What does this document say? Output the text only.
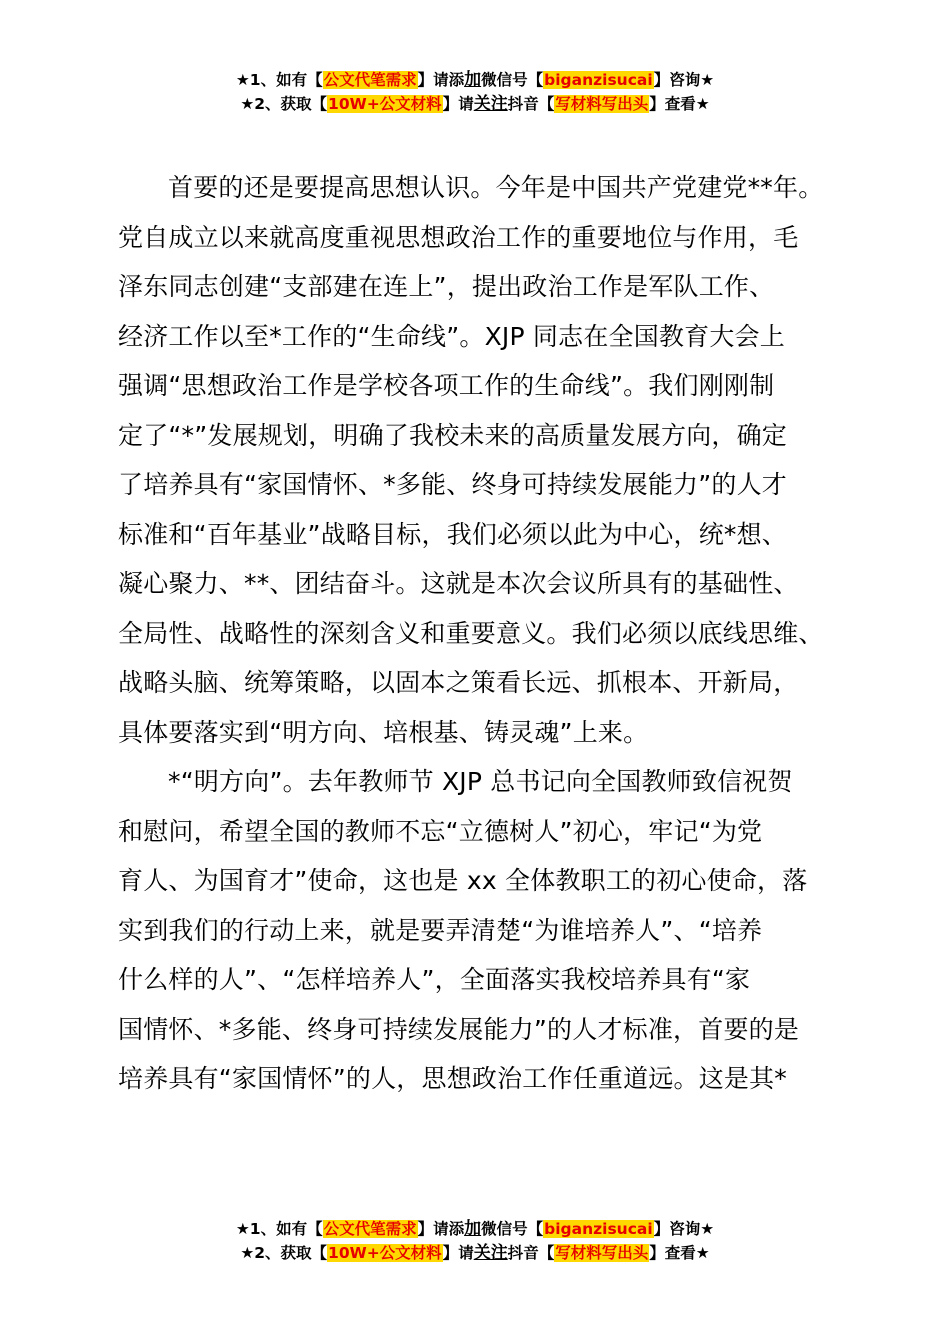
★1、如有【公文代笔需求】请添加微信号【biganzisucai】咨询★
★2、获取【10W+公文材料】请关注抖音【写材料写出头】查看★

首要的还是要提高思想认识。今年是中国共产党建党**年。
党自成立以来就高度重视思想政治工作的重要地位与作用，毛
泽东同志创建“支部建在连上”，提出政治工作是军队工作、
经济工作以至*工作的“生命线”。XJP 同志在全国教育大会上
强调“思想政治工作是学校各项工作的生命线”。我们刚刚制
定了“*”发展规划，明确了我校未来的高质量发展方向，确定
了培养具有“家国情怀、*多能、终身可持续发展能力”的人才
标准和“百年基业”战略目标，我们必须以此为中心，统*想、
凝心聚力、**、团结奋斗。这就是本次会议所具有的基础性、
全局性、战略性的深刻含义和重要意义。我们必须以底线思维、
战略头脑、统筹策略，以固本之策看长远、抓根本、开新局，
具体要落实到“明方向、培根基、铸灵魂”上来。

*“明方向”。去年教师节 XJP 总书记向全国教师致信祝贺
和慰问，希望全国的教师不忘“立德树人”初心，牢记“为党
育人、为国育才”使命，这也是 xx 全体教职工的初心使命，落
实到我们的行动上来，就是要弄清楚“为谁培养人”、“培养
什么样的人”、“怎样培养人”，全面落实我校培养具有“家
国情怀、*多能、终身可持续发展能力”的人才标准，首要的是
培养具有“家国情怀”的人，思想政治工作任重道远。这是其*

★1、如有【公文代笔需求】请添加微信号【biganzisucai】咨询★
★2、获取【10W+公文材料】请关注抖音【写材料写出头】查看★
